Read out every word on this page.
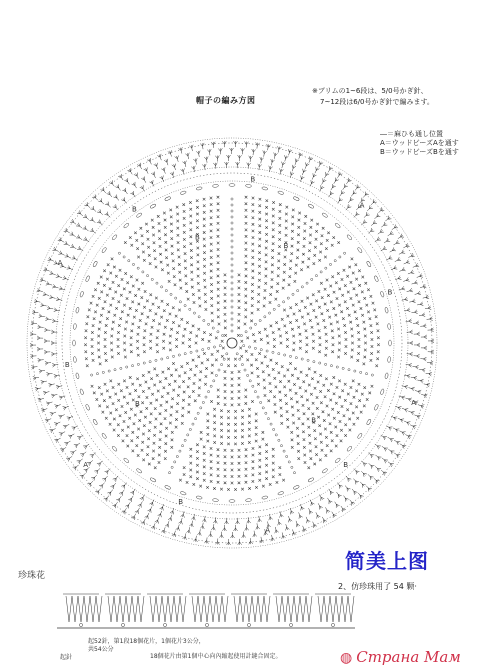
帽子の編み方図
※ブリムの1~6段は、5/0号かぎ針、
7~12段は6/0号かぎ針で編みます。
―＝麻ひも通し位置
A＝ウッドビーズAを通す
B＝ウッドビーズBを通す
A
A
A
A
A
B
B
B
B
B
B
B
B
B
B
珍珠花
简美上图
2、仿珍珠用了 54 颗·
起52針，第1段18個花片，1個花片3公分，
共54公分
18個花片由第1個中心向內縮起使用計縫合固定。
起針	◍ Страна Мам
